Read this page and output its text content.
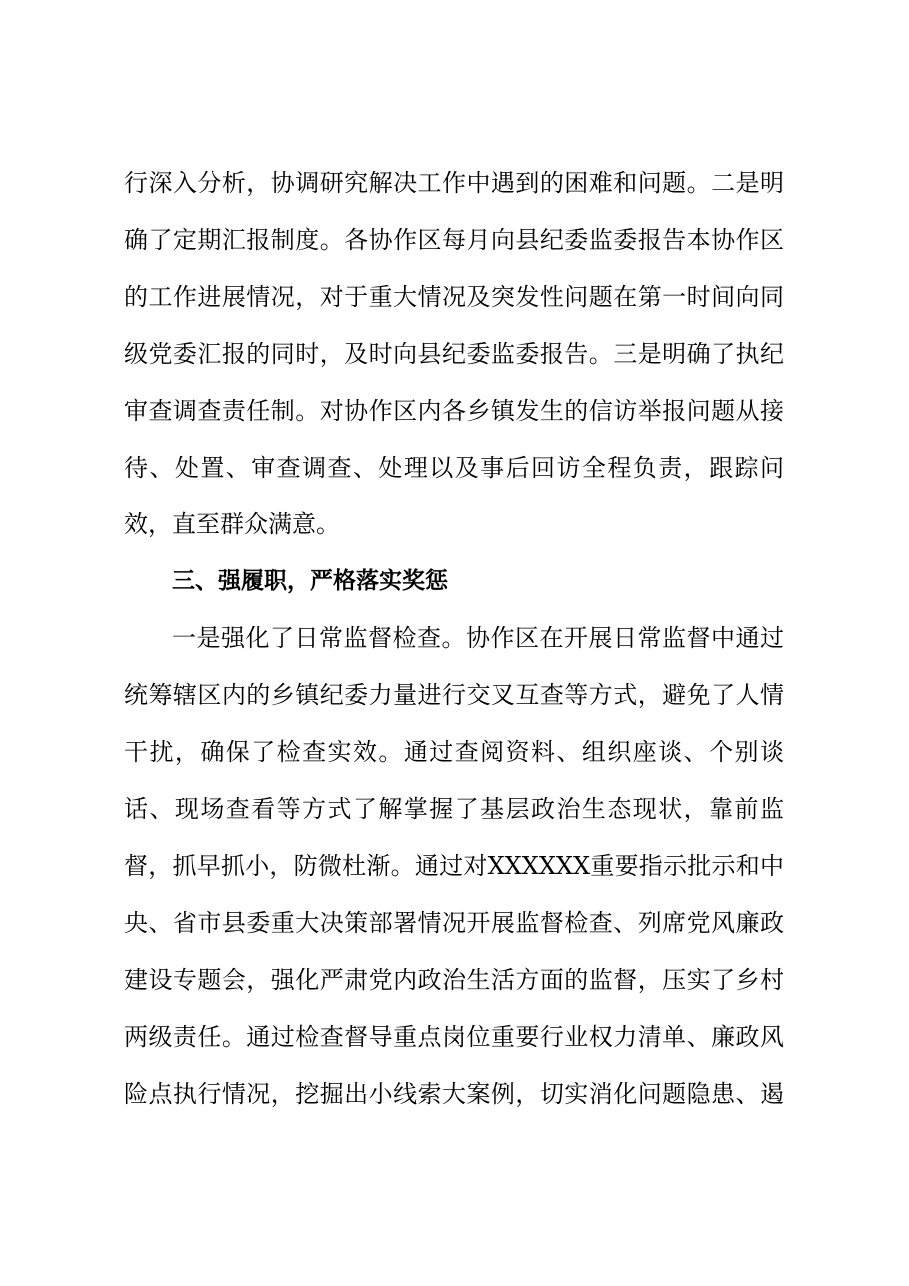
行深入分析，协调研究解决工作中遇到的困难和问题。二是明
确了定期汇报制度。各协作区每月向县纪委监委报告本协作区
的工作进展情况，对于重大情况及突发性问题在第一时间向同
级党委汇报的同时，及时向县纪委监委报告。三是明确了执纪
审查调查责任制。对协作区内各乡镇发生的信访举报问题从接
待、处置、审查调查、处理以及事后回访全程负责，跟踪问
效，直至群众满意。
三、强履职，严格落实奖惩
一是强化了日常监督检查。协作区在开展日常监督中通过
统筹辖区内的乡镇纪委力量进行交叉互查等方式，避免了人情
干扰，确保了检查实效。通过查阅资料、组织座谈、个别谈
话、现场查看等方式了解掌握了基层政治生态现状，靠前监
督，抓早抓小，防微杜渐。通过对XXXXXX重要指示批示和中
央、省市县委重大决策部署情况开展监督检查、列席党风廉政
建设专题会，强化严肃党内政治生活方面的监督，压实了乡村
两级责任。通过检查督导重点岗位重要行业权力清单、廉政风
险点执行情况，挖掘出小线索大案例，切实消化问题隐患、遏
